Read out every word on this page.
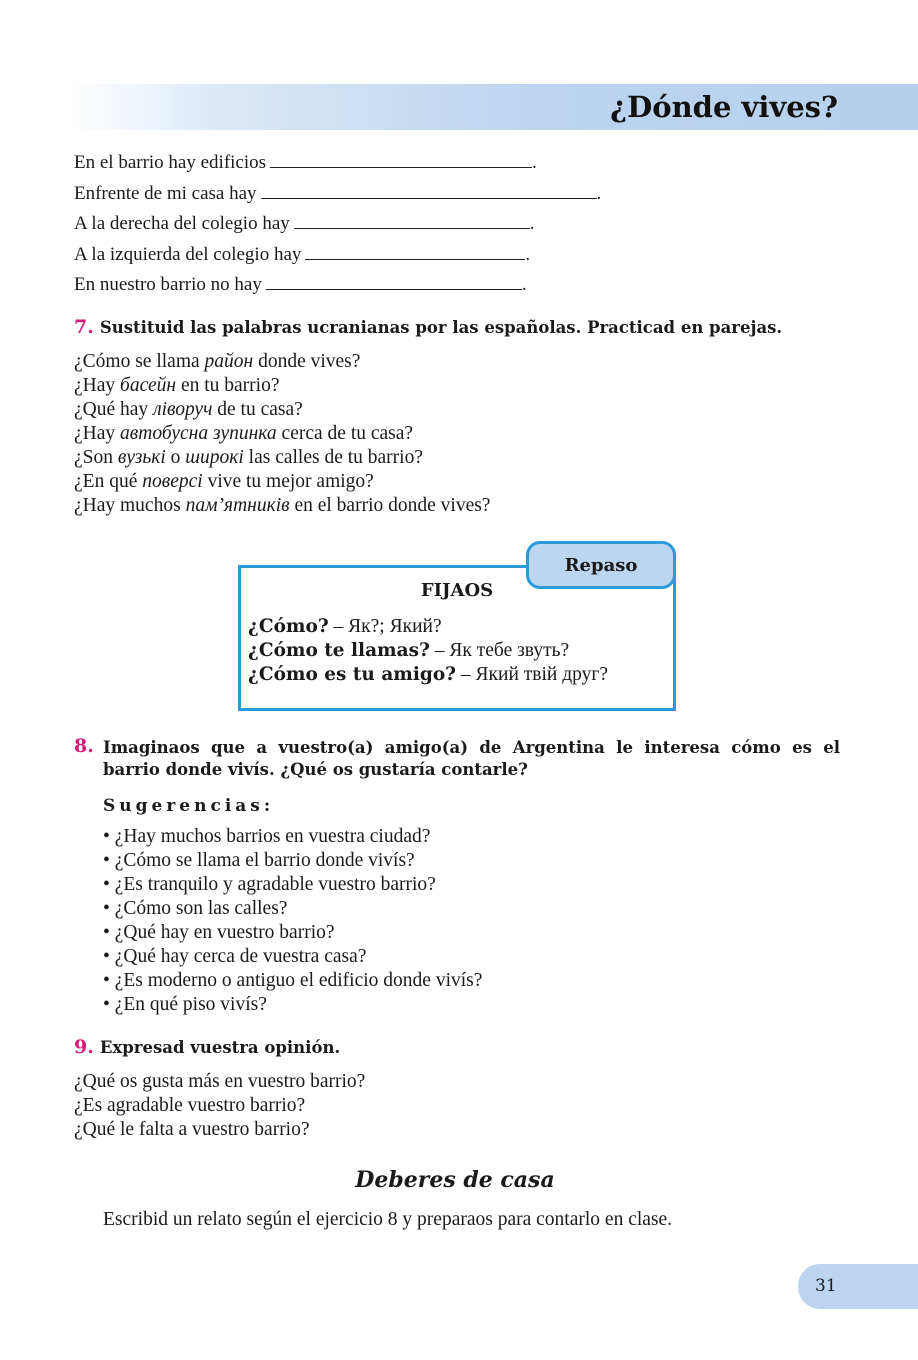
¿Dónde vives?
En el barrio hay edificios	.
Enfrente de mi casa hay	.
A la derecha del colegio hay	.
A la izquierda del colegio hay	.
En nuestro barrio no hay	.
7. Sustituid las palabras ucranianas por las españolas. Practicad en parejas.
¿Cómo se llama район donde vives?
¿Hay басейн en tu barrio?
¿Qué hay ліворуч de tu casa?
¿Hay автобусна зупинка cerca de tu casa?
¿Son вузькі o широкі las calles de tu barrio?
¿En qué поверсі vive tu mejor amigo?
¿Hay muchos пам’ятників en el barrio donde vives?
Repaso
FIJAOS
¿Cómo? – Як?; Який?
¿Cómo te llamas? – Як тебе звуть?
¿Cómo es tu amigo? – Який твій друг?
8. Imaginaos que a vuestro(a) amigo(a) de Argentina le interesa cómo es el barrio donde vivís. ¿Qué os gustaría contarle?
Sugerencias:
• ¿Hay muchos barrios en vuestra ciudad?
• ¿Cómo se llama el barrio donde vivís?
• ¿Es tranquilo y agradable vuestro barrio?
• ¿Cómo son las calles?
• ¿Qué hay en vuestro barrio?
• ¿Qué hay cerca de vuestra casa?
• ¿Es moderno o antiguo el edificio donde vivís?
• ¿En qué piso vivís?
9. Expresad vuestra opinión.
¿Qué os gusta más en vuestro barrio?
¿Es agradable vuestro barrio?
¿Qué le falta a vuestro barrio?
Deberes de casa
Escribid un relato según el ejercicio 8 y preparaos para contarlo en clase.
31
